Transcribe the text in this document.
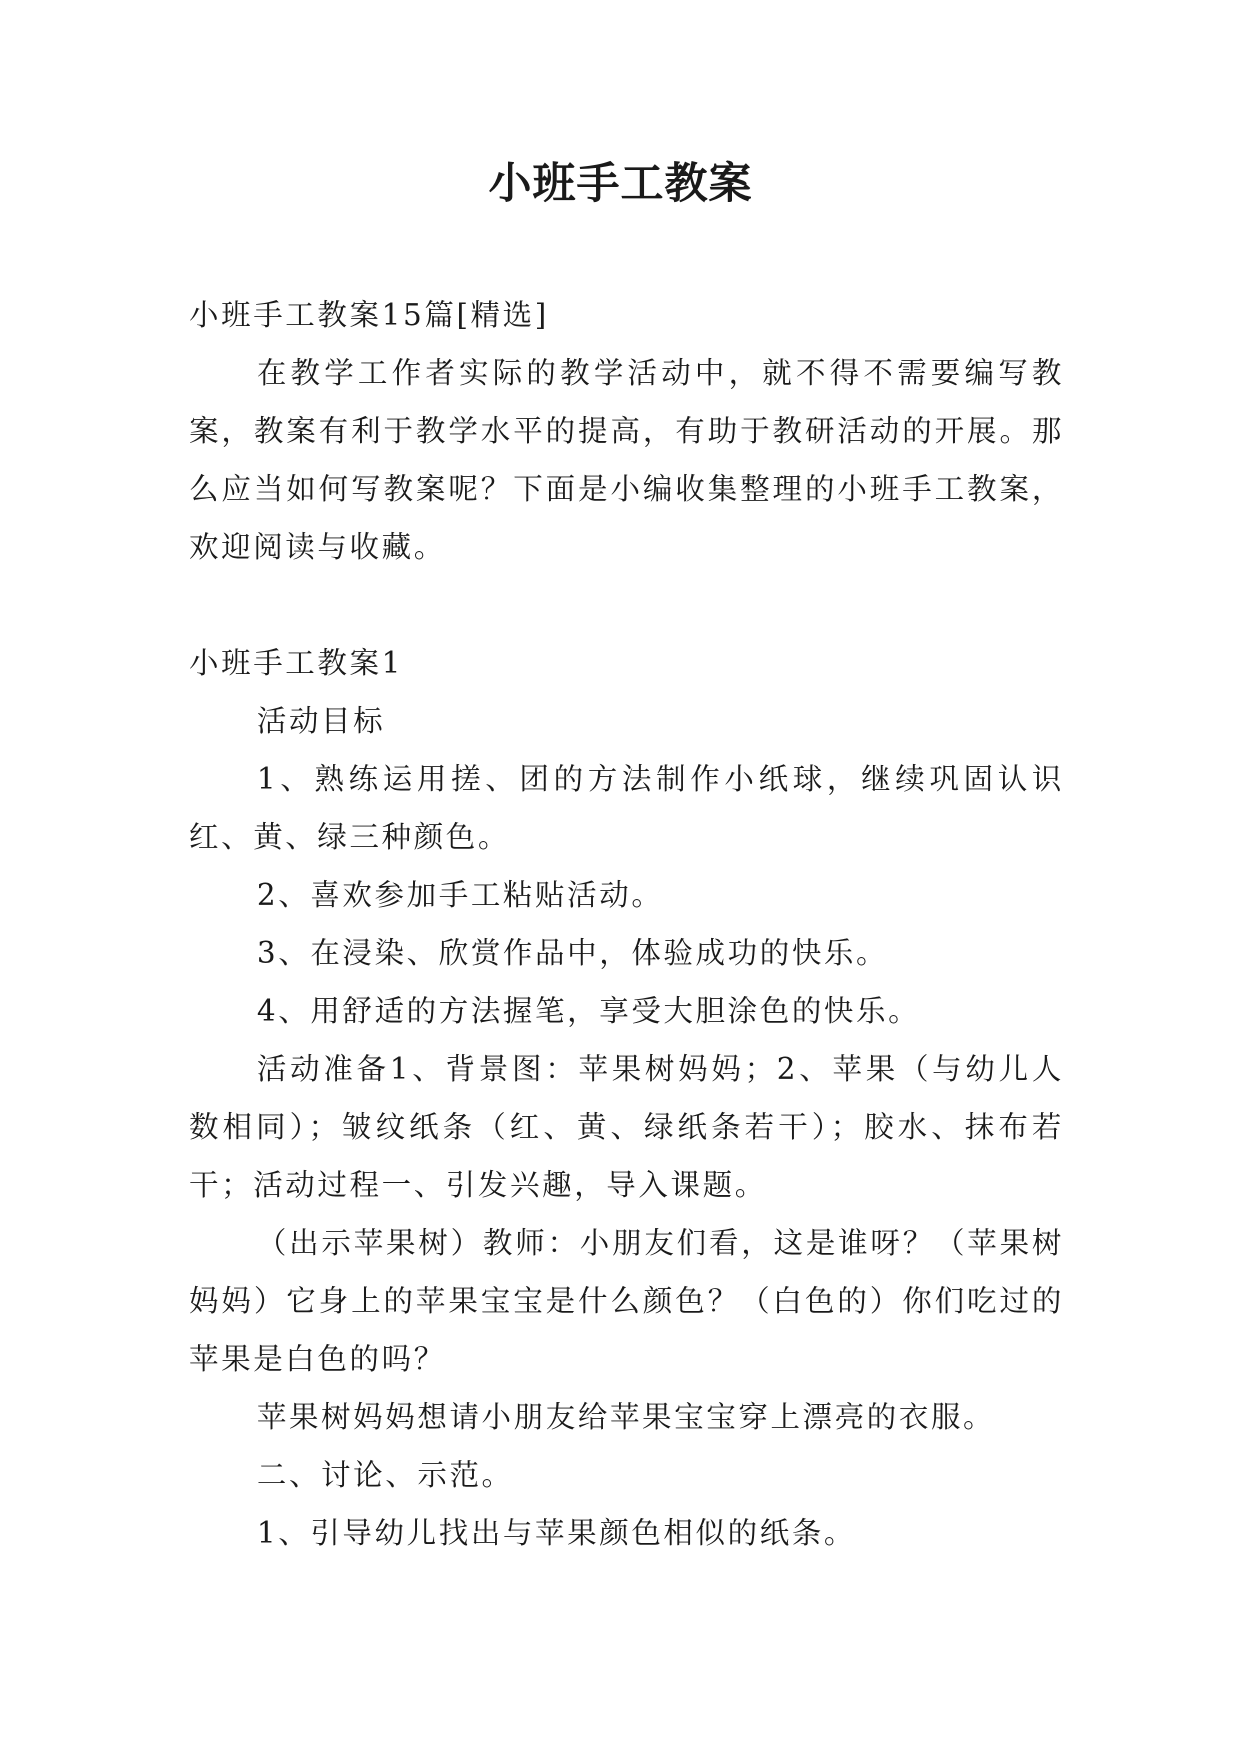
小班手工教案

小班手工教案15篇[精选]

在教学工作者实际的教学活动中，就不得不需要编写教案，教案有利于教学水平的提高，有助于教研活动的开展。那么应当如何写教案呢？下面是小编收集整理的小班手工教案，欢迎阅读与收藏。

小班手工教案1

活动目标

1、熟练运用搓、团的方法制作小纸球，继续巩固认识红、黄、绿三种颜色。

2、喜欢参加手工粘贴活动。

3、在浸染、欣赏作品中，体验成功的快乐。

4、用舒适的方法握笔，享受大胆涂色的快乐。

活动准备1、背景图：苹果树妈妈；2、苹果（与幼儿人数相同）；皱纹纸条（红、黄、绿纸条若干）；胶水、抹布若干；活动过程一、引发兴趣，导入课题。

（出示苹果树）教师：小朋友们看，这是谁呀？（苹果树妈妈）它身上的苹果宝宝是什么颜色？（白色的）你们吃过的苹果是白色的吗？

苹果树妈妈想请小朋友给苹果宝宝穿上漂亮的衣服。

二、讨论、示范。

1、引导幼儿找出与苹果颜色相似的纸条。
